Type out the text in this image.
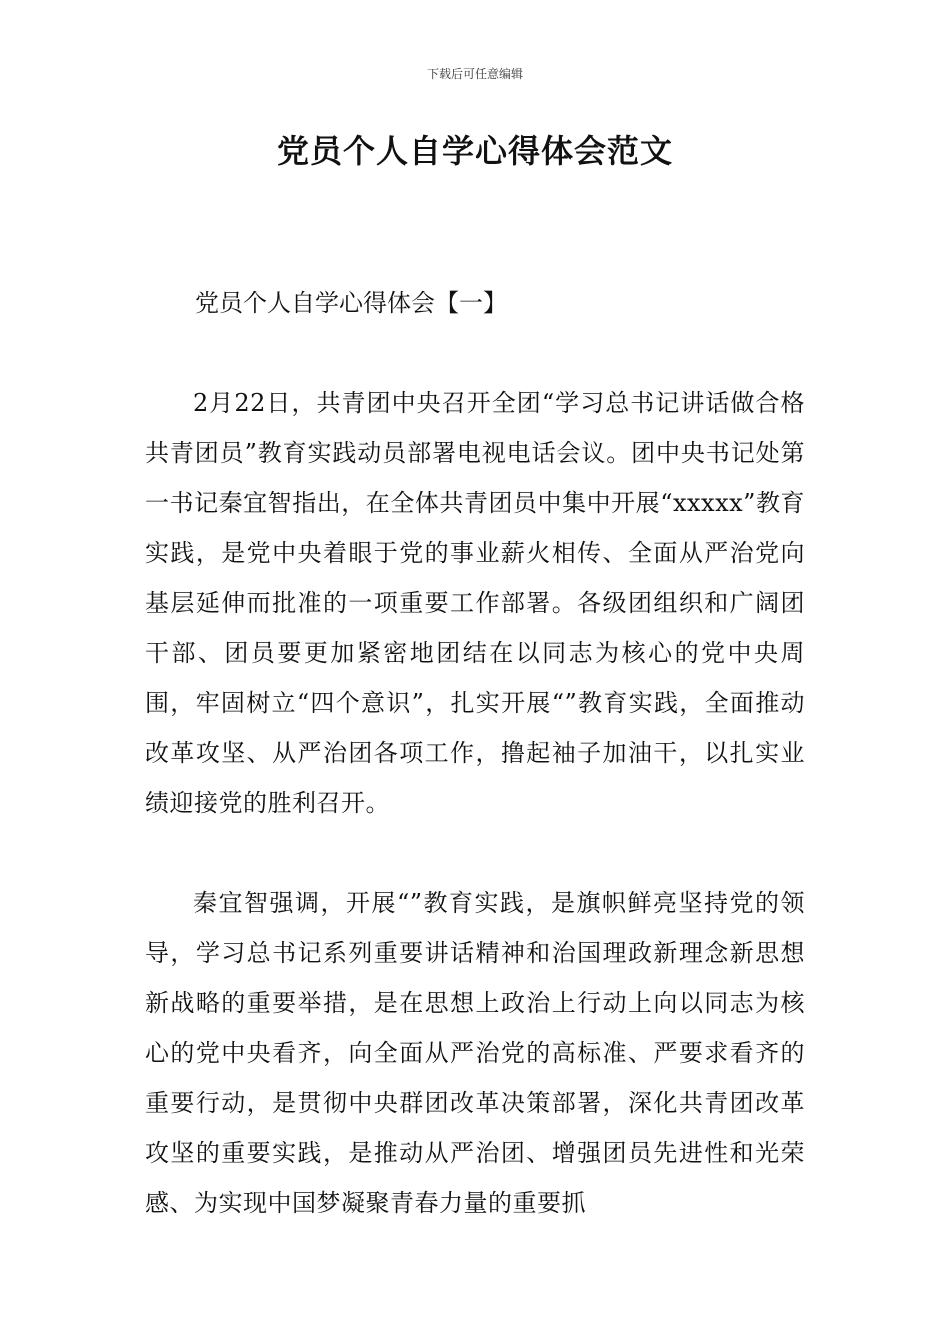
下载后可任意编辑
党员个人自学心得体会范文
党员个人自学心得体会【一】

2月22日，共青团中央召开全团“学习总书记讲话做合格共青团员”教育实践动员部署电视电话会议。团中央书记处第一书记秦宜智指出，在全体共青团员中集中开展“xxxxx”教育实践，是党中央着眼于党的事业薪火相传、全面从严治党向基层延伸而批准的一项重要工作部署。各级团组织和广阔团干部、团员要更加紧密地团结在以同志为核心的党中央周围，牢固树立“四个意识”，扎实开展“”教育实践，全面推动改革攻坚、从严治团各项工作，撸起袖子加油干，以扎实业绩迎接党的胜利召开。

秦宜智强调，开展“”教育实践，是旗帜鲜亮坚持党的领导，学习总书记系列重要讲话精神和治国理政新理念新思想新战略的重要举措，是在思想上政治上行动上向以同志为核心的党中央看齐，向全面从严治党的高标准、严要求看齐的重要行动，是贯彻中央群团改革决策部署，深化共青团改革攻坚的重要实践，是推动从严治团、增强团员先进性和光荣感、为实现中国梦凝聚青春力量的重要抓
